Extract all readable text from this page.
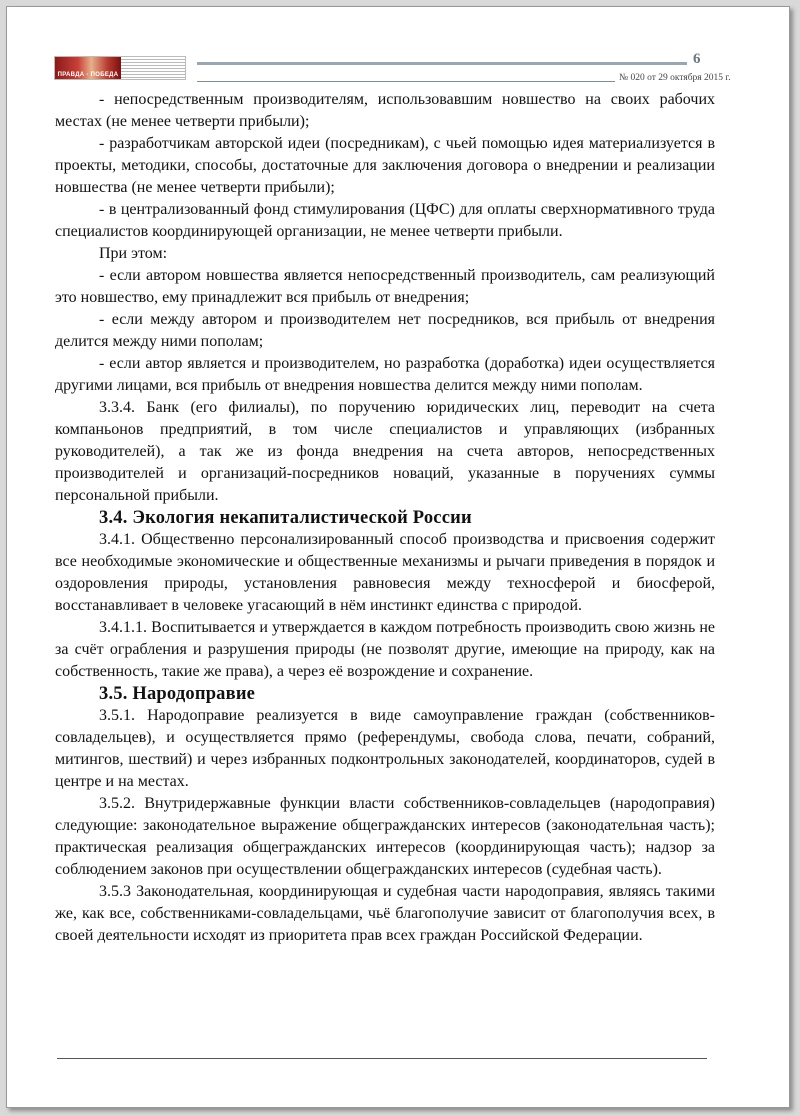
ПРАВДА · ПОБЕДА
6
№ 020 от 29 октября 2015 г.

- непосредственным производителям, использовавшим новшество на своих рабочих местах (не менее четверти прибыли);

- разработчикам авторской идеи (посредникам), с чьей помощью идея материализуется в проекты, методики, способы, достаточные для заключения договора о внедрении и реализации новшества (не менее четверти прибыли);

- в централизованный фонд стимулирования (ЦФС) для оплаты сверхнормативного труда специалистов координирующей организации, не менее четверти прибыли.

При этом:

- если автором новшества является непосредственный производитель, сам реализующий это новшество, ему принадлежит вся прибыль от внедрения;

- если между автором и производителем нет посредников, вся прибыль от внедрения делится между ними пополам;

- если автор является и производителем, но разработка (доработка) идеи осуществляется другими лицами, вся прибыль от внедрения новшества делится между ними пополам.

3.3.4. Банк (его филиалы), по поручению юридических лиц, переводит на счета компаньонов предприятий, в том числе специалистов и управляющих (избранных руководителей), а так же из фонда внедрения на счета авторов, непосредственных производителей и организаций-посредников новаций, указанные в поручениях суммы персональной прибыли.

3.4. Экология некапиталистической России

3.4.1. Общественно персонализированный способ производства и присвоения содержит все необходимые экономические и общественные механизмы и рычаги приведения в порядок и оздоровления природы, установления равновесия между техносферой и биосферой, восстанавливает в человеке угасающий в нём инстинкт единства с природой.

3.4.1.1. Воспитывается и утверждается в каждом потребность производить свою жизнь не за счёт ограбления и разрушения природы (не позволят другие, имеющие на природу, как на собственность, такие же права), а через её возрождение и сохранение.

3.5. Народоправие

3.5.1. Народоправие реализуется в виде самоуправление граждан (собственников-совладельцев), и осуществляется прямо (референдумы, свобода слова, печати, собраний, митингов, шествий) и через избранных подконтрольных законодателей, координаторов, судей в центре и на местах.

3.5.2. Внутридержавные функции власти собственников-совладельцев (народоправия) следующие: законодательное выражение общегражданских интересов (законодательная часть); практическая реализация общегражданских интересов (координирующая часть); надзор за соблюдением законов при осуществлении общегражданских интересов (судебная часть).

3.5.3 Законодательная, координирующая и судебная части народоправия, являясь такими же, как все, собственниками-совладельцами, чьё благополучие зависит от благополучия всех, в своей деятельности исходят из приоритета прав всех граждан Российской Федерации.
